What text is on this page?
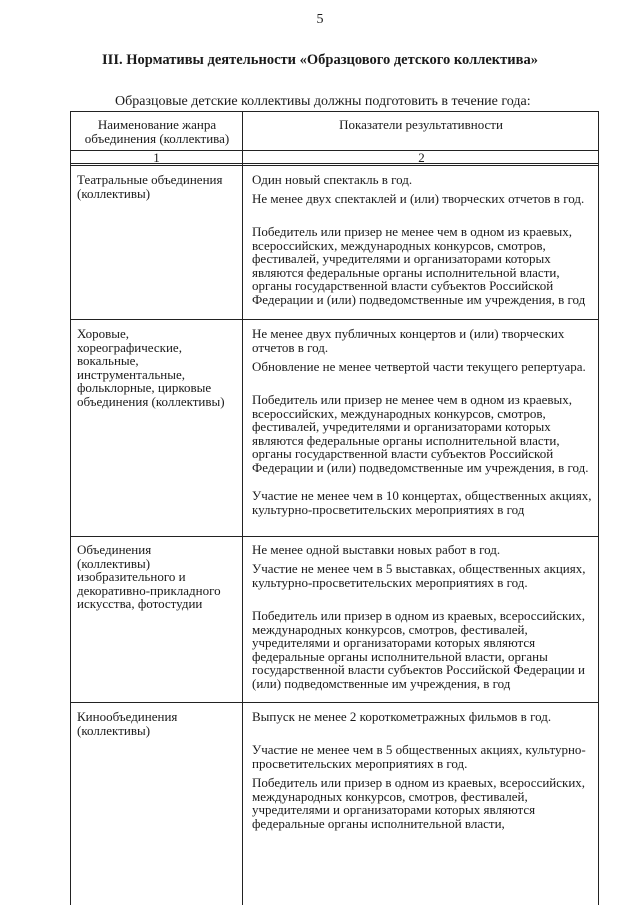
5
III. Нормативы деятельности «Образцового детского коллектива»
Образцовые детские коллективы должны подготовить в течение года:
Наименование жанра объединения (коллектива)
Показатели результативности
1	2
Театральные объединения (коллективы)
Один новый спектакль в год.
Не менее двух спектаклей и (или) творческих отчетов в год.
Победитель или призер не менее чем в одном из краевых, всероссийских, международных конкурсов, смотров, фестивалей, учредителями и организаторами которых являются федеральные органы исполнительной власти, органы государственной власти субъектов Российской Федерации и (или) подведомственные им учреждения, в год
Хоровые, хореографические, вокальные, инструментальные, фольклорные, цирковые объединения (коллективы)
Не менее двух публичных концертов и (или) творческих отчетов в год.
Обновление не менее четвертой части текущего репертуара.
Победитель или призер не менее чем в одном из краевых, всероссийских, международных конкурсов, смотров, фестивалей, учредителями и организаторами которых являются федеральные органы исполнительной власти, органы государственной власти субъектов Российской Федерации и (или) подведомственные им учреждения, в год.
Участие не менее чем в 10 концертах, общественных акциях, культурно-просветительских мероприятиях в год
Объединения (коллективы) изобразительного и декоративно-прикладного искусства, фотостудии
Не менее одной выставки новых работ в год.
Участие не менее чем в 5 выставках, общественных акциях, культурно-просветительских мероприятиях в год.
Победитель или призер в одном из краевых, всероссийских, международных конкурсов, смотров, фестивалей, учредителями и организаторами которых являются федеральные органы исполнительной власти, органы государственной власти субъектов Российской Федерации и (или) подведомственные им учреждения, в год
Кинообъединения (коллективы)
Выпуск не менее 2 короткометражных фильмов в год.
Участие не менее чем в 5 общественных акциях, культурно-просветительских мероприятиях в год.
Победитель или призер в одном из краевых, всероссийских, международных конкурсов, смотров, фестивалей, учредителями и организаторами которых являются федеральные органы исполнительной власти,
